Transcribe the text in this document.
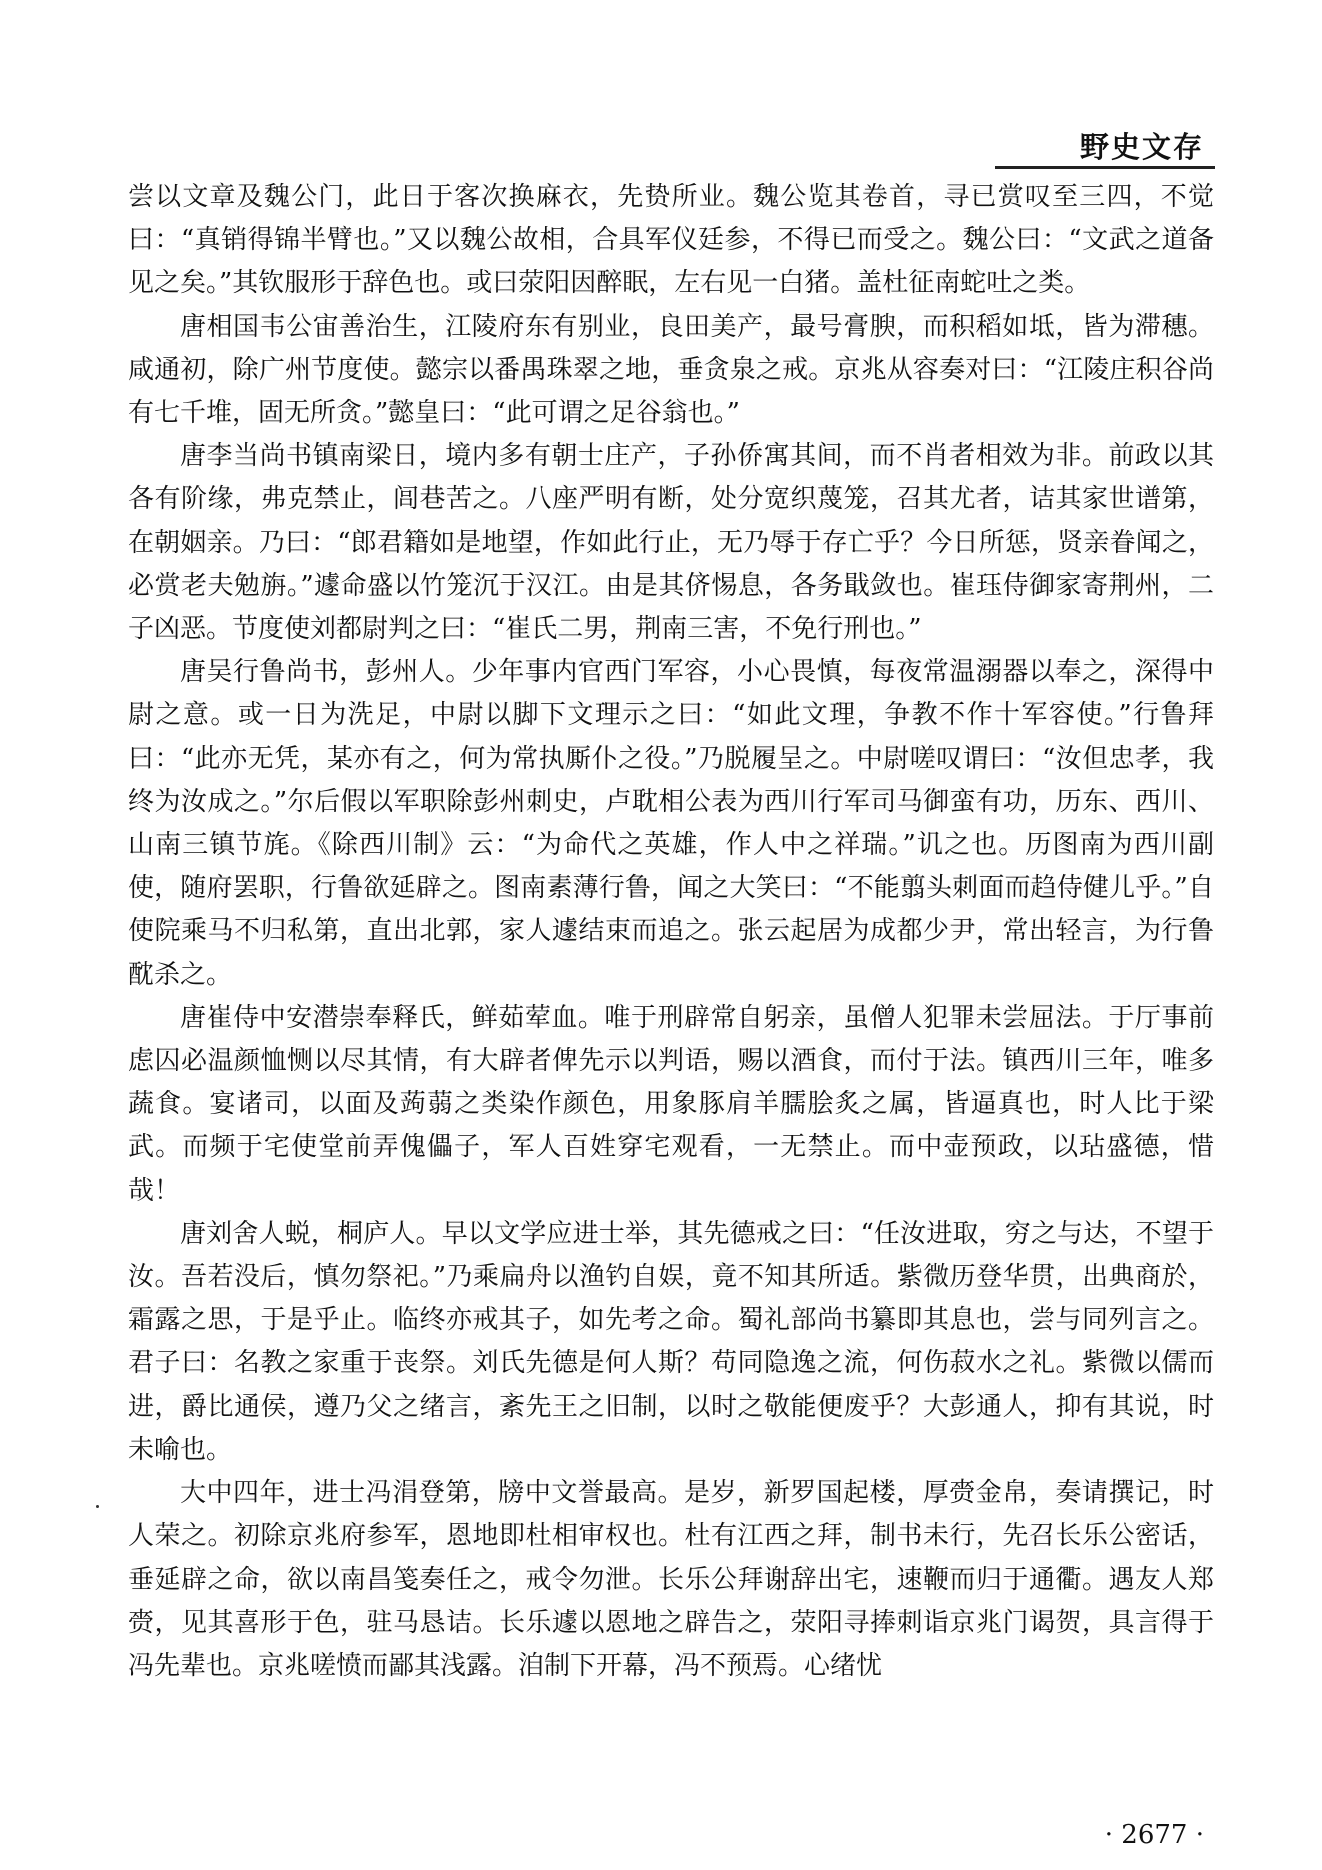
野史文存

尝以文章及魏公门，此日于客次换麻衣，先贽所业。魏公览其卷首，寻已赏叹至三四，不觉曰：“真销得锦半臂也。”又以魏公故相，合具军仪廷参，不得已而受之。魏公曰：“文武之道备见之矣。”其钦服形于辞色也。或曰荥阳因醉眠，左右见一白猪。盖杜征南蛇吐之类。

唐相国韦公宙善治生，江陵府东有别业，良田美产，最号膏腴，而积稻如坻，皆为滞穗。咸通初，除广州节度使。懿宗以番禺珠翠之地，垂贪泉之戒。京兆从容奏对曰：“江陵庄积谷尚有七千堆，固无所贪。”懿皇曰：“此可谓之足谷翁也。”

唐李当尚书镇南梁日，境内多有朝士庄产，子孙侨寓其间，而不肖者相效为非。前政以其各有阶缘，弗克禁止，闾巷苦之。八座严明有断，处分宽织蔑笼，召其尤者，诘其家世谱第，在朝姻亲。乃曰：“郎君籍如是地望，作如此行止，无乃辱于存亡乎？今日所惩，贤亲眷闻之，必赏老夫勉旃。”遽命盛以竹笼沉于汉江。由是其侪惕息，各务戢敛也。崔珏侍御家寄荆州，二子凶恶。节度使刘都尉判之曰：“崔氏二男，荆南三害，不免行刑也。”

唐吴行鲁尚书，彭州人。少年事内官西门军容，小心畏慎，每夜常温溺器以奉之，深得中尉之意。或一日为洗足，中尉以脚下文理示之曰：“如此文理，争教不作十军容使。”行鲁拜曰：“此亦无凭，某亦有之，何为常执厮仆之役。”乃脱履呈之。中尉嗟叹谓曰：“汝但忠孝，我终为汝成之。”尔后假以军职除彭州刺史，卢耽相公表为西川行军司马御蛮有功，历东、西川、山南三镇节旄。《除西川制》云：“为命代之英雄，作人中之祥瑞。”讥之也。历图南为西川副使，随府罢职，行鲁欲延辟之。图南素薄行鲁，闻之大笑曰：“不能翦头刺面而趋侍健儿乎。”自使院乘马不归私第，直出北郭，家人遽结束而追之。张云起居为成都少尹，常出轻言，为行鲁酖杀之。

唐崔侍中安潜崇奉释氏，鲜茹荤血。唯于刑辟常自躬亲，虽僧人犯罪未尝屈法。于厅事前虑囚必温颜恤恻以尽其情，有大辟者俾先示以判语，赐以酒食，而付于法。镇西川三年，唯多蔬食。宴诸司，以面及蒟蒻之类染作颜色，用象豚肩羊臑脍炙之属，皆逼真也，时人比于梁武。而频于宅使堂前弄傀儡子，军人百姓穿宅观看，一无禁止。而中壶预政，以玷盛德，惜哉！

唐刘舍人蜕，桐庐人。早以文学应进士举，其先德戒之曰：“任汝进取，穷之与达，不望于汝。吾若没后，慎勿祭祀。”乃乘扁舟以渔钓自娱，竟不知其所适。紫微历登华贯，出典商於，霜露之思，于是乎止。临终亦戒其子，如先考之命。蜀礼部尚书纂即其息也，尝与同列言之。君子曰：名教之家重于丧祭。刘氏先德是何人斯？苟同隐逸之流，何伤菽水之礼。紫微以儒而进，爵比通侯，遵乃父之绪言，紊先王之旧制，以时之敬能便废乎？大彭通人，抑有其说，时未喻也。

大中四年，进士冯涓登第，牓中文誉最高。是岁，新罗国起楼，厚赍金帛，奏请撰记，时人荣之。初除京兆府参军，恩地即杜相审权也。杜有江西之拜，制书未行，先召长乐公密话，垂延辟之命，欲以南昌笺奏任之，戒令勿泄。长乐公拜谢辞出宅，速鞭而归于通衢。遇友人郑赍，见其喜形于色，驻马恳诘。长乐遽以恩地之辟告之，荥阳寻捧刺诣京兆门谒贺，具言得于冯先辈也。京兆嗟愤而鄙其浅露。洎制下开幕，冯不预焉。心绪忧

· 2677 ·
